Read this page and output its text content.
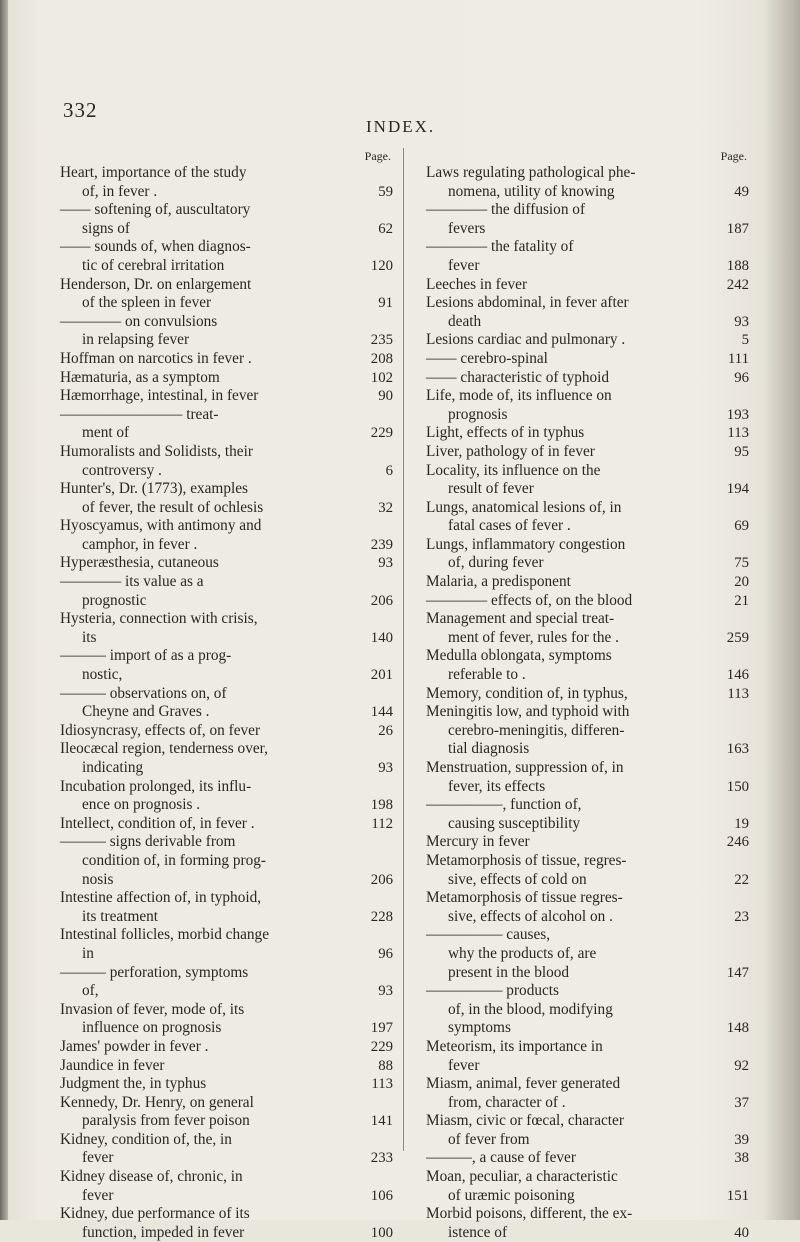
332
INDEX.
Page.
Heart, importance of the study
of, in fever .	59
—— softening of, auscultatory
signs of	62
—— sounds of, when diagnos-
tic of cerebral irritation	120
Henderson, Dr. on enlargement
of the spleen in fever	91
———— on convulsions
in relapsing fever	235
Hoffman on narcotics in fever .	208
Hæmaturia, as a symptom	102
Hæmorrhage, intestinal, in fever	90
———————— treat-
ment of	229
Humoralists and Solidists, their
controversy .	6
Hunter's, Dr. (1773), examples
of fever, the result of ochlesis	32
Hyoscyamus, with antimony and
camphor, in fever .	239
Hyperæsthesia, cutaneous	93
———— its value as a
prognostic	206
Hysteria, connection with crisis,
its	140
——— import of as a prog-
nostic,	201
——— observations on, of
Cheyne and Graves .	144
Idiosyncrasy, effects of, on fever	26
Ileocæcal region, tenderness over,
indicating	93
Incubation prolonged, its influ-
ence on prognosis .	198
Intellect, condition of, in fever .	112
——— signs derivable from
condition of, in forming prog-
nosis	206
Intestine affection of, in typhoid,
its treatment	228
Intestinal follicles, morbid change
in	96
——— perforation, symptoms
of,	93
Invasion of fever, mode of, its
influence on prognosis	197
James' powder in fever .	229
Jaundice in fever	88
Judgment the, in typhus	113
Kennedy, Dr. Henry, on general
paralysis from fever poison	141
Kidney, condition of, the, in
fever	233
Kidney disease of, chronic, in
fever	106
Kidney, due performance of its
function, impeded in fever	100
Page.
Laws regulating pathological phe-
nomena, utility of knowing	49
———— the diffusion of
fevers	187
———— the fatality of
fever	188
Leeches in fever	242
Lesions abdominal, in fever after
death	93
Lesions cardiac and pulmonary .	5
—— cerebro-spinal	111
—— characteristic of typhoid	96
Life, mode of, its influence on
prognosis	193
Light, effects of in typhus	113
Liver, pathology of in fever	95
Locality, its influence on the
result of fever	194
Lungs, anatomical lesions of, in
fatal cases of fever .	69
Lungs, inflammatory congestion
of, during fever	75
Malaria, a predisponent	20
———— effects of, on the blood	21
Management and special treat-
ment of fever, rules for the .	259
Medulla oblongata, symptoms
referable to .	146
Memory, condition of, in typhus,	113
Meningitis low, and typhoid with
cerebro-meningitis, differen-
tial diagnosis	163
Menstruation, suppression of, in
fever, its effects	150
—————, function of,
causing susceptibility	19
Mercury in fever	246
Metamorphosis of tissue, regres-
sive, effects of cold on	22
Metamorphosis of tissue regres-
sive, effects of alcohol on .	23
————— causes,
why the products of, are
present in the blood	147
————— products
of, in the blood, modifying
symptoms	148
Meteorism, its importance in
fever	92
Miasm, animal, fever generated
from, character of .	37
Miasm, civic or fœcal, character
of fever from	39
———, a cause of fever	38
Moan, peculiar, a characteristic
of uræmic poisoning	151
Morbid poisons, different, the ex-
istence of	40
